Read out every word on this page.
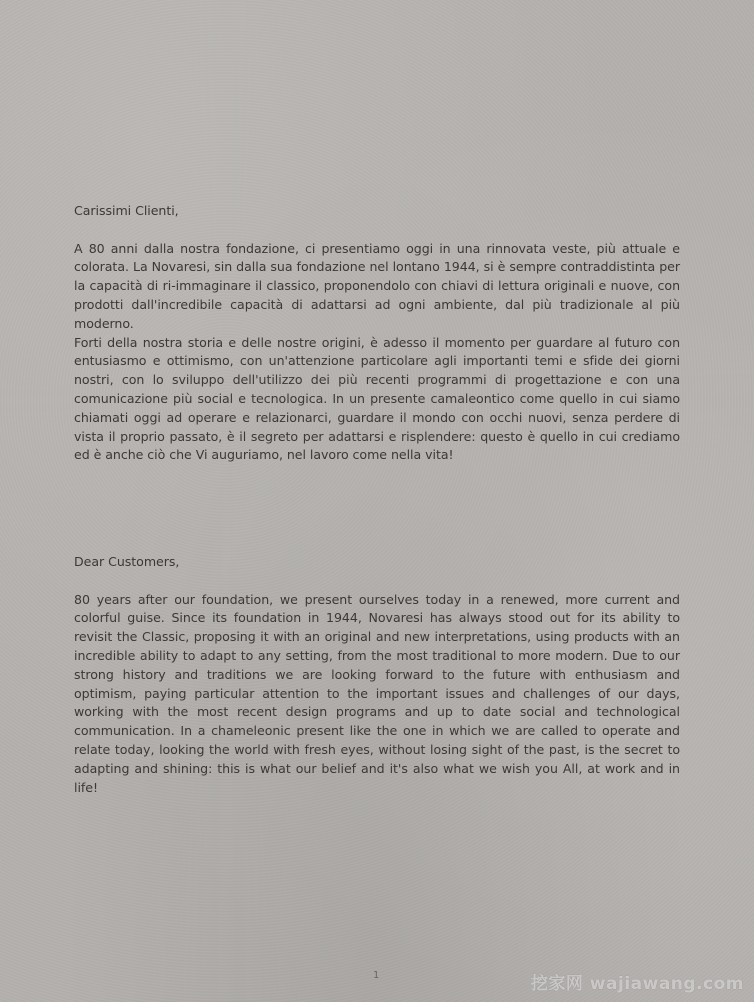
Carissimi Clienti,

A 80 anni dalla nostra fondazione, ci presentiamo oggi in una rinnovata veste, più attuale e colorata. La Novaresi, sin dalla sua fondazione nel lontano 1944, si è sempre contraddistinta per la capacità di ri-immaginare il classico, proponendolo con chiavi di lettura originali e nuove, con prodotti dall'incredibile capacità di adattarsi ad ogni ambiente, dal più tradizionale al più moderno.

Forti della nostra storia e delle nostre origini, è adesso il momento per guardare al futuro con entusiasmo e ottimismo, con un'attenzione particolare agli importanti temi e sfide dei giorni nostri, con lo sviluppo dell'utilizzo dei più recenti programmi di progettazione e con una comunicazione più social e tecnologica. In un presente camaleontico come quello in cui siamo chiamati oggi ad operare e relazionarci, guardare il mondo con occhi nuovi, senza perdere di vista il proprio passato, è il segreto per adattarsi e risplendere: questo è quello in cui crediamo ed è anche ciò che Vi auguriamo, nel lavoro come nella vita!

Dear Customers,

80 years after our foundation, we present ourselves today in a renewed, more current and colorful guise. Since its foundation in 1944, Novaresi has always stood out for its ability to revisit the Classic, proposing it with an original and new interpretations, using products with an incredible ability to adapt to any setting, from the most traditional to more modern. Due to our strong history and traditions we are looking forward to the future with enthusiasm and optimism, paying particular attention to the important issues and challenges of our days, working with the most recent design programs and up to date social and technological communication. In a chameleonic present like the one in which we are called to operate and relate today, looking the world with fresh eyes, without losing sight of the past, is the secret to adapting and shining: this is what our belief and it's also what we wish you All, at work and in life!

1	挖家网 wajiawang.com
